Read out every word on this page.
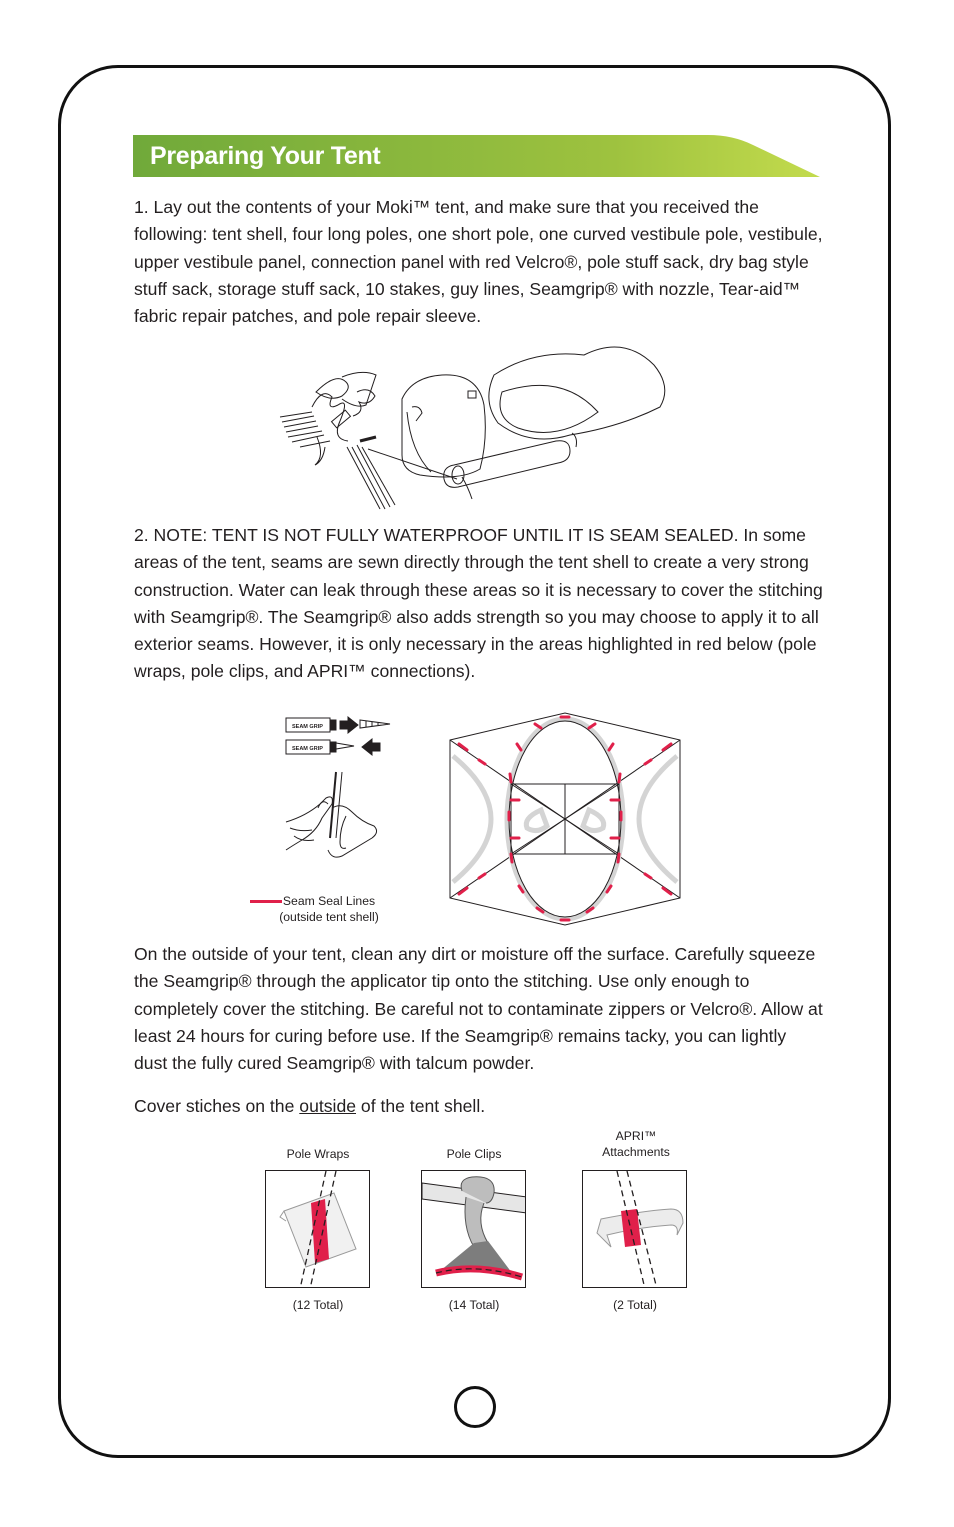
Preparing Your Tent

1. Lay out the contents of your Moki™ tent, and make sure that you received the following: tent shell, four long poles, one short pole, one curved vestibule pole, vestibule, upper vestibule panel, connection panel with red Velcro®, pole stuff sack, dry bag style stuff sack, storage stuff sack, 10 stakes, guy lines, Seamgrip® with nozzle, Tear-aid™ fabric repair patches, and pole repair sleeve.

2. NOTE: TENT IS NOT FULLY WATERPROOF UNTIL IT IS SEAM SEALED. In some areas of the tent, seams are sewn directly through the tent shell to create a very strong construction. Water can leak through these areas so it is necessary to cover the stitching with Seamgrip®. The Seamgrip® also adds strength so you may choose to apply it to all exterior seams. However, it is only necessary in the areas highlighted in red below (pole wraps, pole clips, and APRI™ connections).

SEAM GRIP
SEAM GRIP
Seam Seal Lines
(outside tent shell)

On the outside of your tent, clean any dirt or moisture off the surface. Carefully squeeze the Seamgrip® through the applicator tip onto the stitching. Use only enough to completely cover the stitching. Be careful not to contaminate zippers or Velcro®. Allow at least 24 hours for curing before use. If the Seamgrip® remains tacky, you can lightly dust the fully cured Seamgrip® with talcum powder.

Cover stiches on the outside of the tent shell.

Pole Wraps	Pole Clips
APRI™
Attachments
(12 Total)	(14 Total)	(2 Total)
